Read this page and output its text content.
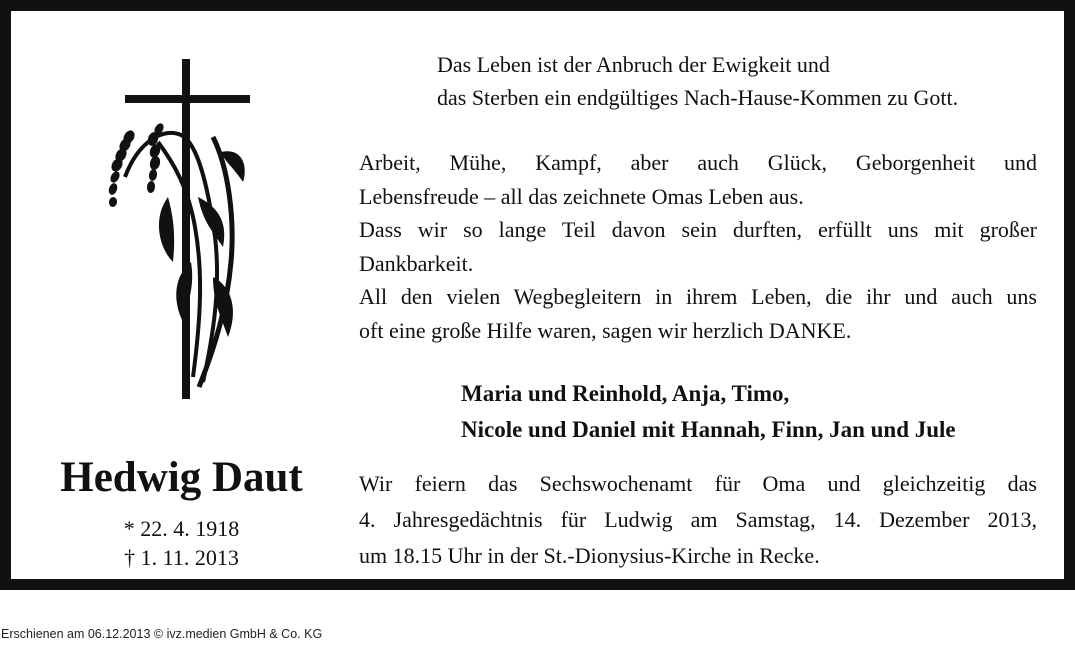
Das Leben ist der Anbruch der Ewigkeit und
das Sterben ein endgültiges Nach-Hause-Kommen zu Gott.
Arbeit, Mühe, Kampf, aber auch Glück, Geborgenheit und
Lebensfreude – all das zeichnete Omas Leben aus.
Dass wir so lange Teil davon sein durften, erfüllt uns mit großer
Dankbarkeit.
All den vielen Wegbegleitern in ihrem Leben, die ihr und auch uns
oft eine große Hilfe waren, sagen wir herzlich DANKE.
Maria und Reinhold, Anja, Timo,
Nicole und Daniel mit Hannah, Finn, Jan und Jule
Wir feiern das Sechswochenamt für Oma und gleichzeitig das
4. Jahresgedächtnis für Ludwig am Samstag, 14. Dezember 2013,
um 18.15 Uhr in der St.-Dionysius-Kirche in Recke.
Hedwig Daut
* 22. 4. 1918
† 1. 11. 2013
Erschienen am 06.12.2013 © ivz.medien GmbH & Co. KG
